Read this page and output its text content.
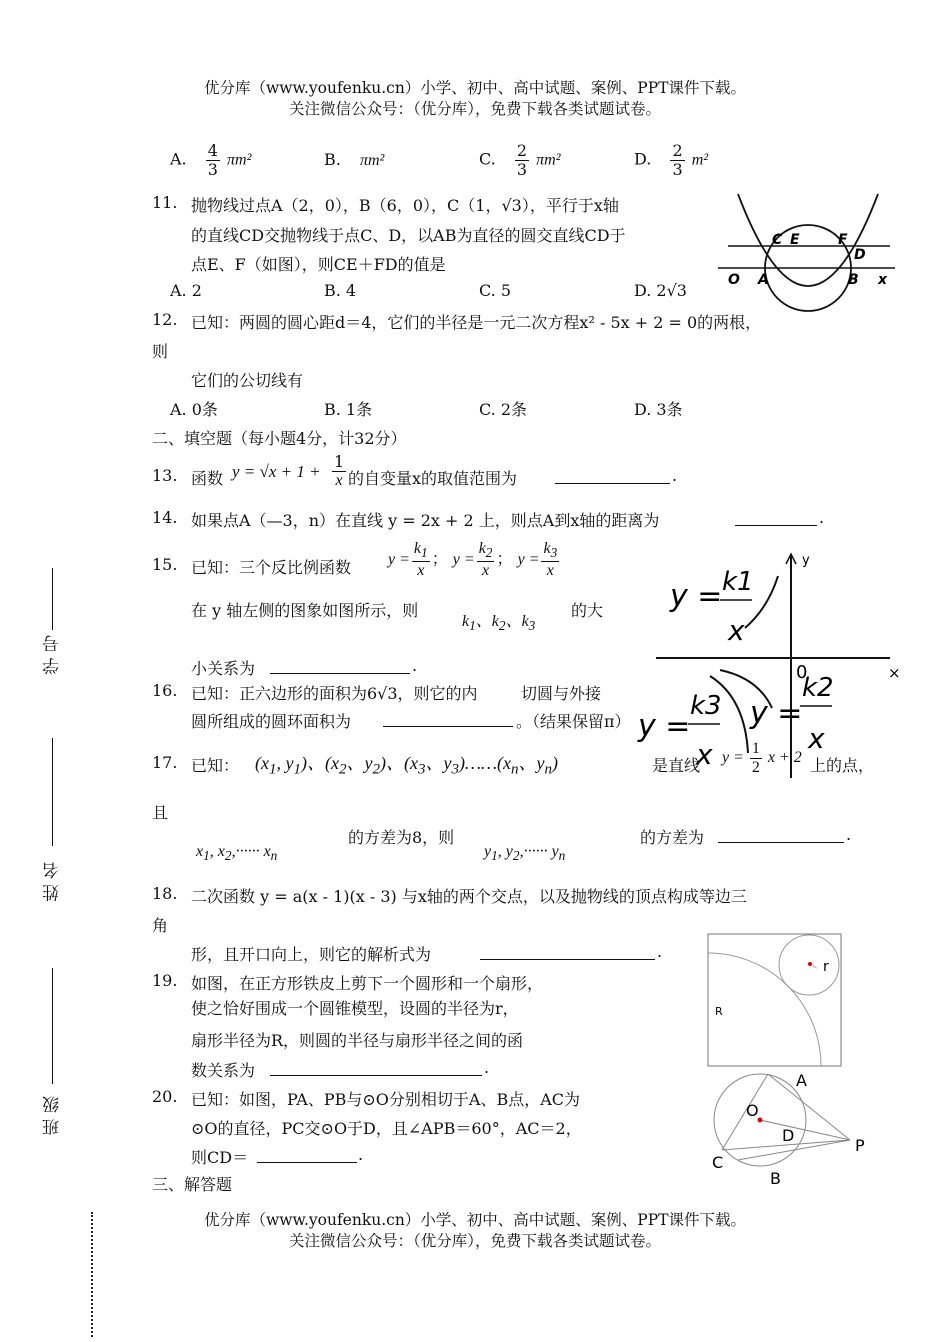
优分库（www.youfenku.cn）小学、初中、高中试题、案例、PPT课件下载。
关注微信公众号：（优分库），免费下载各类试题试卷。
A. $\frac{4}{3} \pi m^2$	B. πm²	C. $\frac{2}{3} \pi m^2$	D. $\frac{2}{3} m^2$
11. 抛物线过点A（2，0），B（6，0），C（1，√3），平行于x轴
的直线CD交抛物线于点C、D，以AB为直径的圆交直线CD于
点E、F（如图），则CE＋FD的值是
A. 2	B. 4	C. 5	D. 2√3
C E	F
D
O A	B x
12. 已知：两圆的圆心距d＝4，它们的半径是一元二次方程x² - 5x + 2 = 0的两根，
则
它们的公切线有
A. 0条	B. 1条	C. 2条	D. 3条
二、填空题（每小题4分，计32分）
13. 函数 $y = √x + 1 + \frac{1}{x}$ 的自变量x的取值范围为	.
14. 如果点A（—3，n）在直线 y = 2x + 2 上，则点A到x轴的距离为	.
15. 已知：三个反比例函数 $y = \frac{k_1}{x}$ ； $y = \frac{k_2}{x}$ ； $y = \frac{k_3}{x}$
在 y 轴左侧的图象如图所示，则
$k_1$、$k_2$、$k_3$
的大
小关系为	.
y
×
0
y = k1
x
y =
k2
x
y =
k3
x
16. 已知：正六边形的面积为6√3，则它的内	切圆与外接
圆所组成的圆环面积为	。（结果保留π）
17. 已知： ($x_1$, $y_1$)、($x_2$、$y_2$)、($x_3$、$y_3)\dots\dots(x_n$、$y_n$)	是直线 $y = \frac{1}{2}$ x + 2 上的点，
且
$x_1$, $x_2,\cdot\cdot\cdot\cdot\cdot\cdot x_n$
的方差为8，则
$y_1$, $y_2,\cdot\cdot\cdot\cdot\cdot\cdot y_n$
的方差为	.
18. 二次函数 y = a(x - 1)(x - 3) 与x轴的两个交点，以及抛物线的顶点构成等边三
角
形，且开口向上，则它的解析式为	.
19. 如图，在正方形铁皮上剪下一个圆形和一个扇形，
使之恰好围成一个圆锥模型，设圆的半径为r，
扇形半径为R，则圆的半径与扇形半径之间的函
数关系为	.
r
R
20. 已知：如图，PA、PB与⊙O分别相切于A、B点，AC为
⊙O的直径，PC交⊙O于D，且∠APB＝60°，AC＝2，
则CD＝	.
A
O
D
P
C
B
三、解答题
优分库（www.youfenku.cn）小学、初中、高中试题、案例、PPT课件下载。
关注微信公众号：（优分库），免费下载各类试题试卷。
学 号
姓 名
班 级
